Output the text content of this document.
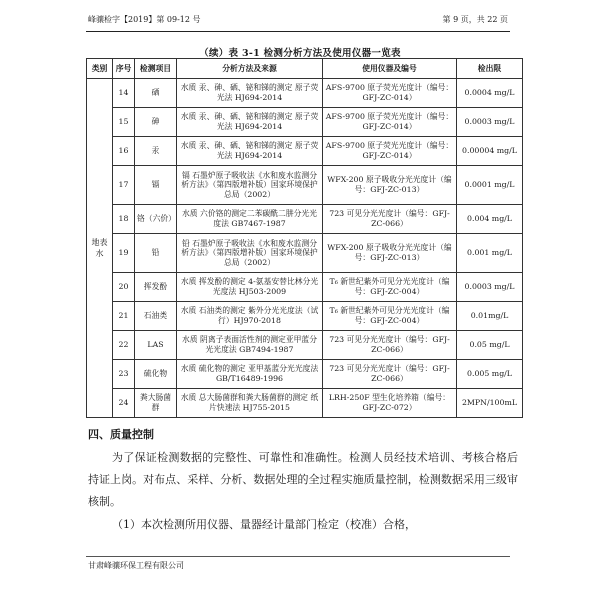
峰骧检字【2019】第 09-12 号	第 9 页，共 22 页
（续）表 3-1 检测分析方法及使用仪器一览表
类别	序号	检测项目	分析方法及来源	使用仪器及编号	检出限
地表水	14	硒	水质 汞、砷、硒、铋和锑的测定 原子荧光法 HJ694-2014	AFS-9700 原子荧光光度计（编号：GFJ-ZC-014）	0.0004 mg/L
	15	砷	水质 汞、砷、硒、铋和锑的测定 原子荧光法 HJ694-2014	AFS-9700 原子荧光光度计（编号：GFJ-ZC-014）	0.0003 mg/L
	16	汞	水质 汞、砷、硒、铋和锑的测定 原子荧光法 HJ694-2014	AFS-9700 原子荧光光度计（编号：GFJ-ZC-014）	0.00004 mg/L
	17	镉	镉 石墨炉原子吸收法《水和废水监测分析方法》（第四版增补版）国家环境保护总局（2002）	WFX-200 原子吸收分光光度计（编号：GFJ-ZC-013）	0.0001 mg/L
	18	铬（六价）	水质 六价铬的测定二苯碳酰二肼分光光度法 GB7467-1987	723 可见分光光度计（编号：GFJ-ZC-066）	0.004 mg/L
	19	铅	铅 石墨炉原子吸收法《水和废水监测分析方法》（第四版增补版）国家环境保护总局（2002）	WFX-200 原子吸收分光光度计（编号：GFJ-ZC-013）	0.001 mg/L
	20	挥发酚	水质 挥发酚的测定 4-氨基安替比林分光光度法 HJ503-2009	T₆ 新世纪紫外可见分光光度计（编号：GFJ-ZC-004）	0.0003 mg/L
	21	石油类	水质 石油类的测定 紫外分光光度法（试行）HJ970-2018	T₆ 新世纪紫外可见分光光度计（编号：GFJ-ZC-004）	0.01mg/L
	22	LAS	水质 阴离子表面活性剂的测定亚甲蓝分光光度法 GB7494-1987	723 可见分光光度计（编号：GFJ-ZC-066）	0.05 mg/L
	23	硫化物	水质 硫化物的测定 亚甲基蓝分光光度法 GB/T16489-1996	723 可见分光光度计（编号：GFJ-ZC-066）	0.005 mg/L
	24	粪大肠菌群	水质 总大肠菌群和粪大肠菌群的测定 纸片快速法 HJ755-2015	LRH-250F 型生化培养箱（编号：GFJ-ZC-072）	2MPN/100mL
四、质量控制
为了保证检测数据的完整性、可靠性和准确性。检测人员经技术培训、考核合格后持证上岗。对布点、采样、分析、数据处理的全过程实施质量控制，检测数据采用三级审核制。
（1）本次检测所用仪器、量器经计量部门检定（校准）合格，
甘肃峰骧环保工程有限公司
